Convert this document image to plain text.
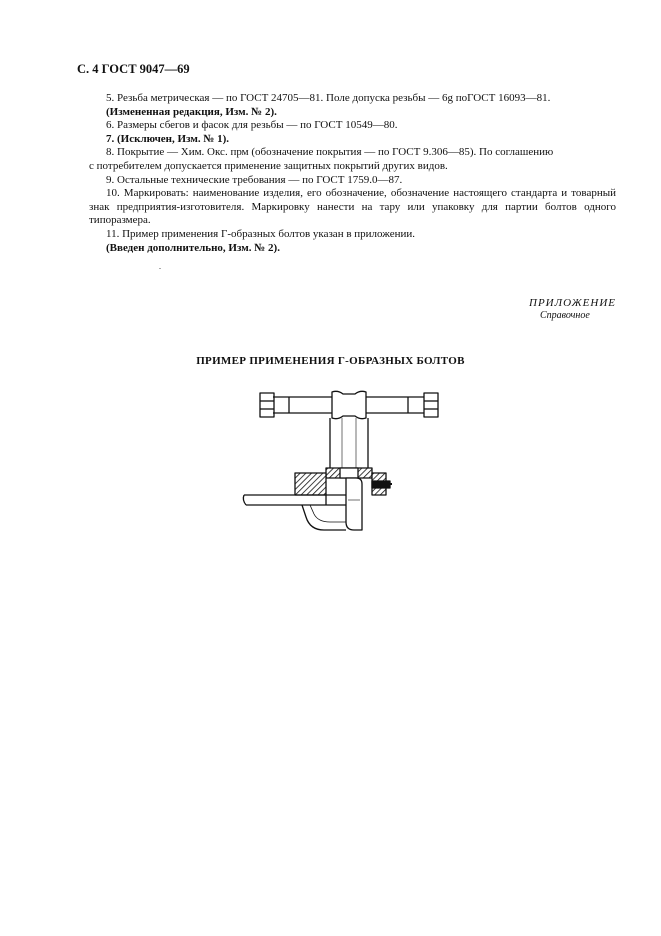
С. 4 ГОСТ 9047—69

5. Резьба метрическая — по ГОСТ 24705—81. Поле допуска резьбы — 6g поГОСТ 16093—81.

(Измененная редакция, Изм. № 2).

6. Размеры сбегов и фасок для резьбы — по ГОСТ 10549—80.

7. (Исключен, Изм. № 1).

8. Покрытие — Хим. Окс. прм (обозначение покрытия — по ГОСТ 9.306—85). По соглашению

с потребителем допускается применение защитных покрытий других видов.

9. Остальные технические требования — по ГОСТ 1759.0—87.

10. Маркировать: наименование изделия, его обозначение, обозначение настоящего стандарта и товарный знак предприятия-изготовителя. Маркировку нанести на тару или упаковку для партии болтов одного типоразмера.

11. Пример применения Г-образных болтов указан в приложении.

(Введен дополнительно, Изм. № 2).

ПРИЛОЖЕНИЕ
Справочное
ПРИМЕР ПРИМЕНЕНИЯ Г-ОБРАЗНЫХ БОЛТОВ
